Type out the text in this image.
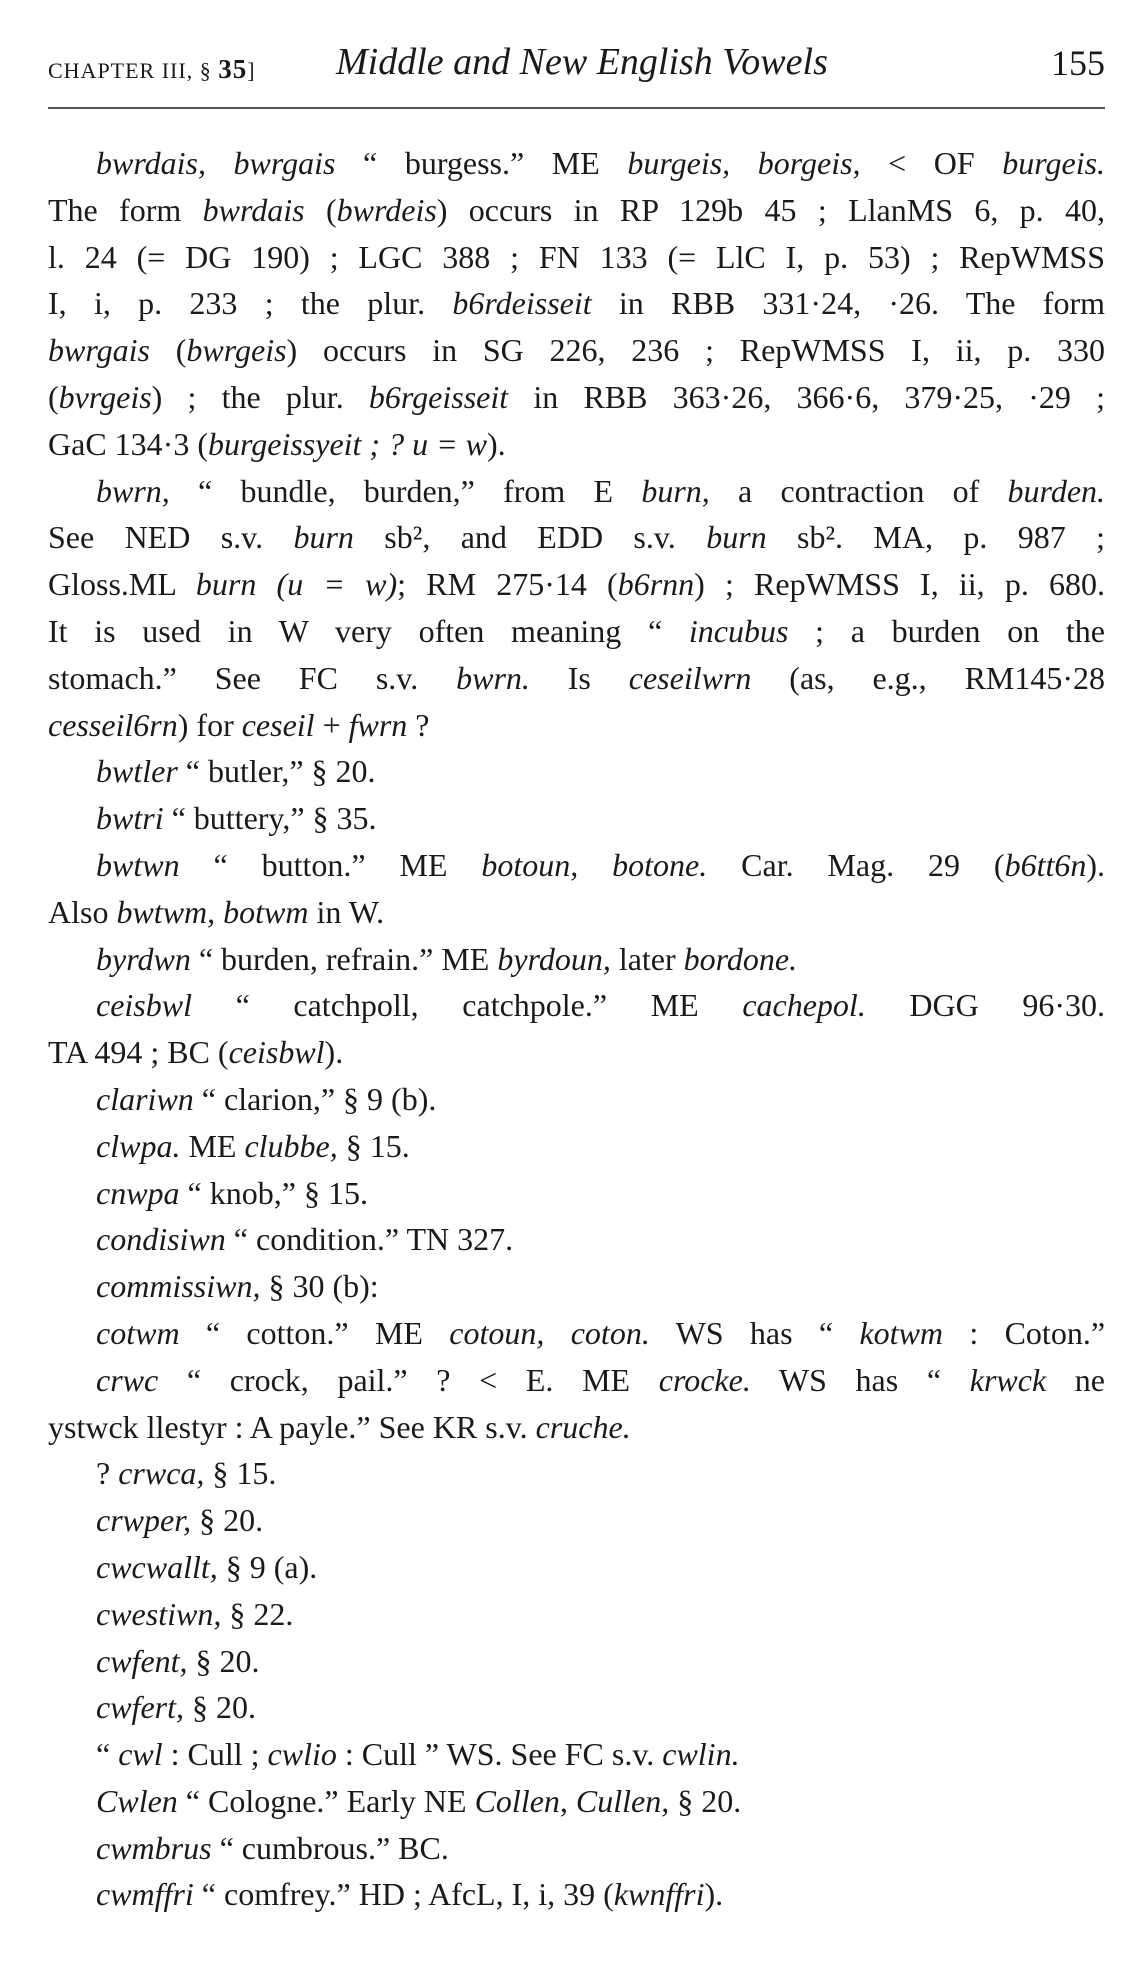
CHAPTER III, § 35] Middle and New English Vowels	155
bwrdais, bwrgais “ burgess.” ME burgeis, borgeis, < OF burgeis.
The form bwrdais (bwrdeis) occurs in RP 129b 45 ; LlanMS 6, p. 40,
l. 24 (= DG 190) ; LGC 388 ; FN 133 (= LlC I, p. 53) ; RepWMSS
I, i, p. 233 ; the plur. b6rdeisseit in RBB 331·24, ·26. The form
bwrgais (bwrgeis) occurs in SG 226, 236 ; RepWMSS I, ii, p. 330
(bvrgeis) ; the plur. b6rgeisseit in RBB 363·26, 366·6, 379·25, ·29 ;
GaC 134·3 (burgeissyeit ; ? u = w).
bwrn, “ bundle, burden,” from E burn, a contraction of burden.
See NED s.v. burn sb², and EDD s.v. burn sb². MA, p. 987 ;
Gloss.ML burn (u = w); RM 275·14 (b6rnn) ; RepWMSS I, ii, p. 680.
It is used in W very often meaning “ incubus ; a burden on the
stomach.” See FC s.v. bwrn. Is ceseilwrn (as, e.g., RM145·28
cesseil6rn) for ceseil + fwrn ?
bwtler “ butler,” § 20.
bwtri “ buttery,” § 35.
bwtwn “ button.” ME botoun, botone. Car. Mag. 29 (b6tt6n).
Also bwtwm, botwm in W.
byrdwn “ burden, refrain.” ME byrdoun, later bordone.
ceisbwl “ catchpoll, catchpole.” ME cachepol. DGG 96·30.
TA 494 ; BC (ceisbwl).
clariwn “ clarion,” § 9 (b).
clwpa. ME clubbe, § 15.
cnwpa “ knob,” § 15.
condisiwn “ condition.” TN 327.
commissiwn, § 30 (b):
cotwm “ cotton.” ME cotoun, coton. WS has “ kotwm : Coton.”
crwc “ crock, pail.” ? < E. ME crocke. WS has “ krwck ne
ystwck llestyr : A payle.” See KR s.v. cruche.
? crwca, § 15.
crwper, § 20.
cwcwallt, § 9 (a).
cwestiwn, § 22.
cwfent, § 20.
cwfert, § 20.
“ cwl : Cull ; cwlio : Cull ” WS. See FC s.v. cwlin.
Cwlen “ Cologne.” Early NE Collen, Cullen, § 20.
cwmbrus “ cumbrous.” BC.
cwmffri “ comfrey.” HD ; AfcL, I, i, 39 (kwnffri).
